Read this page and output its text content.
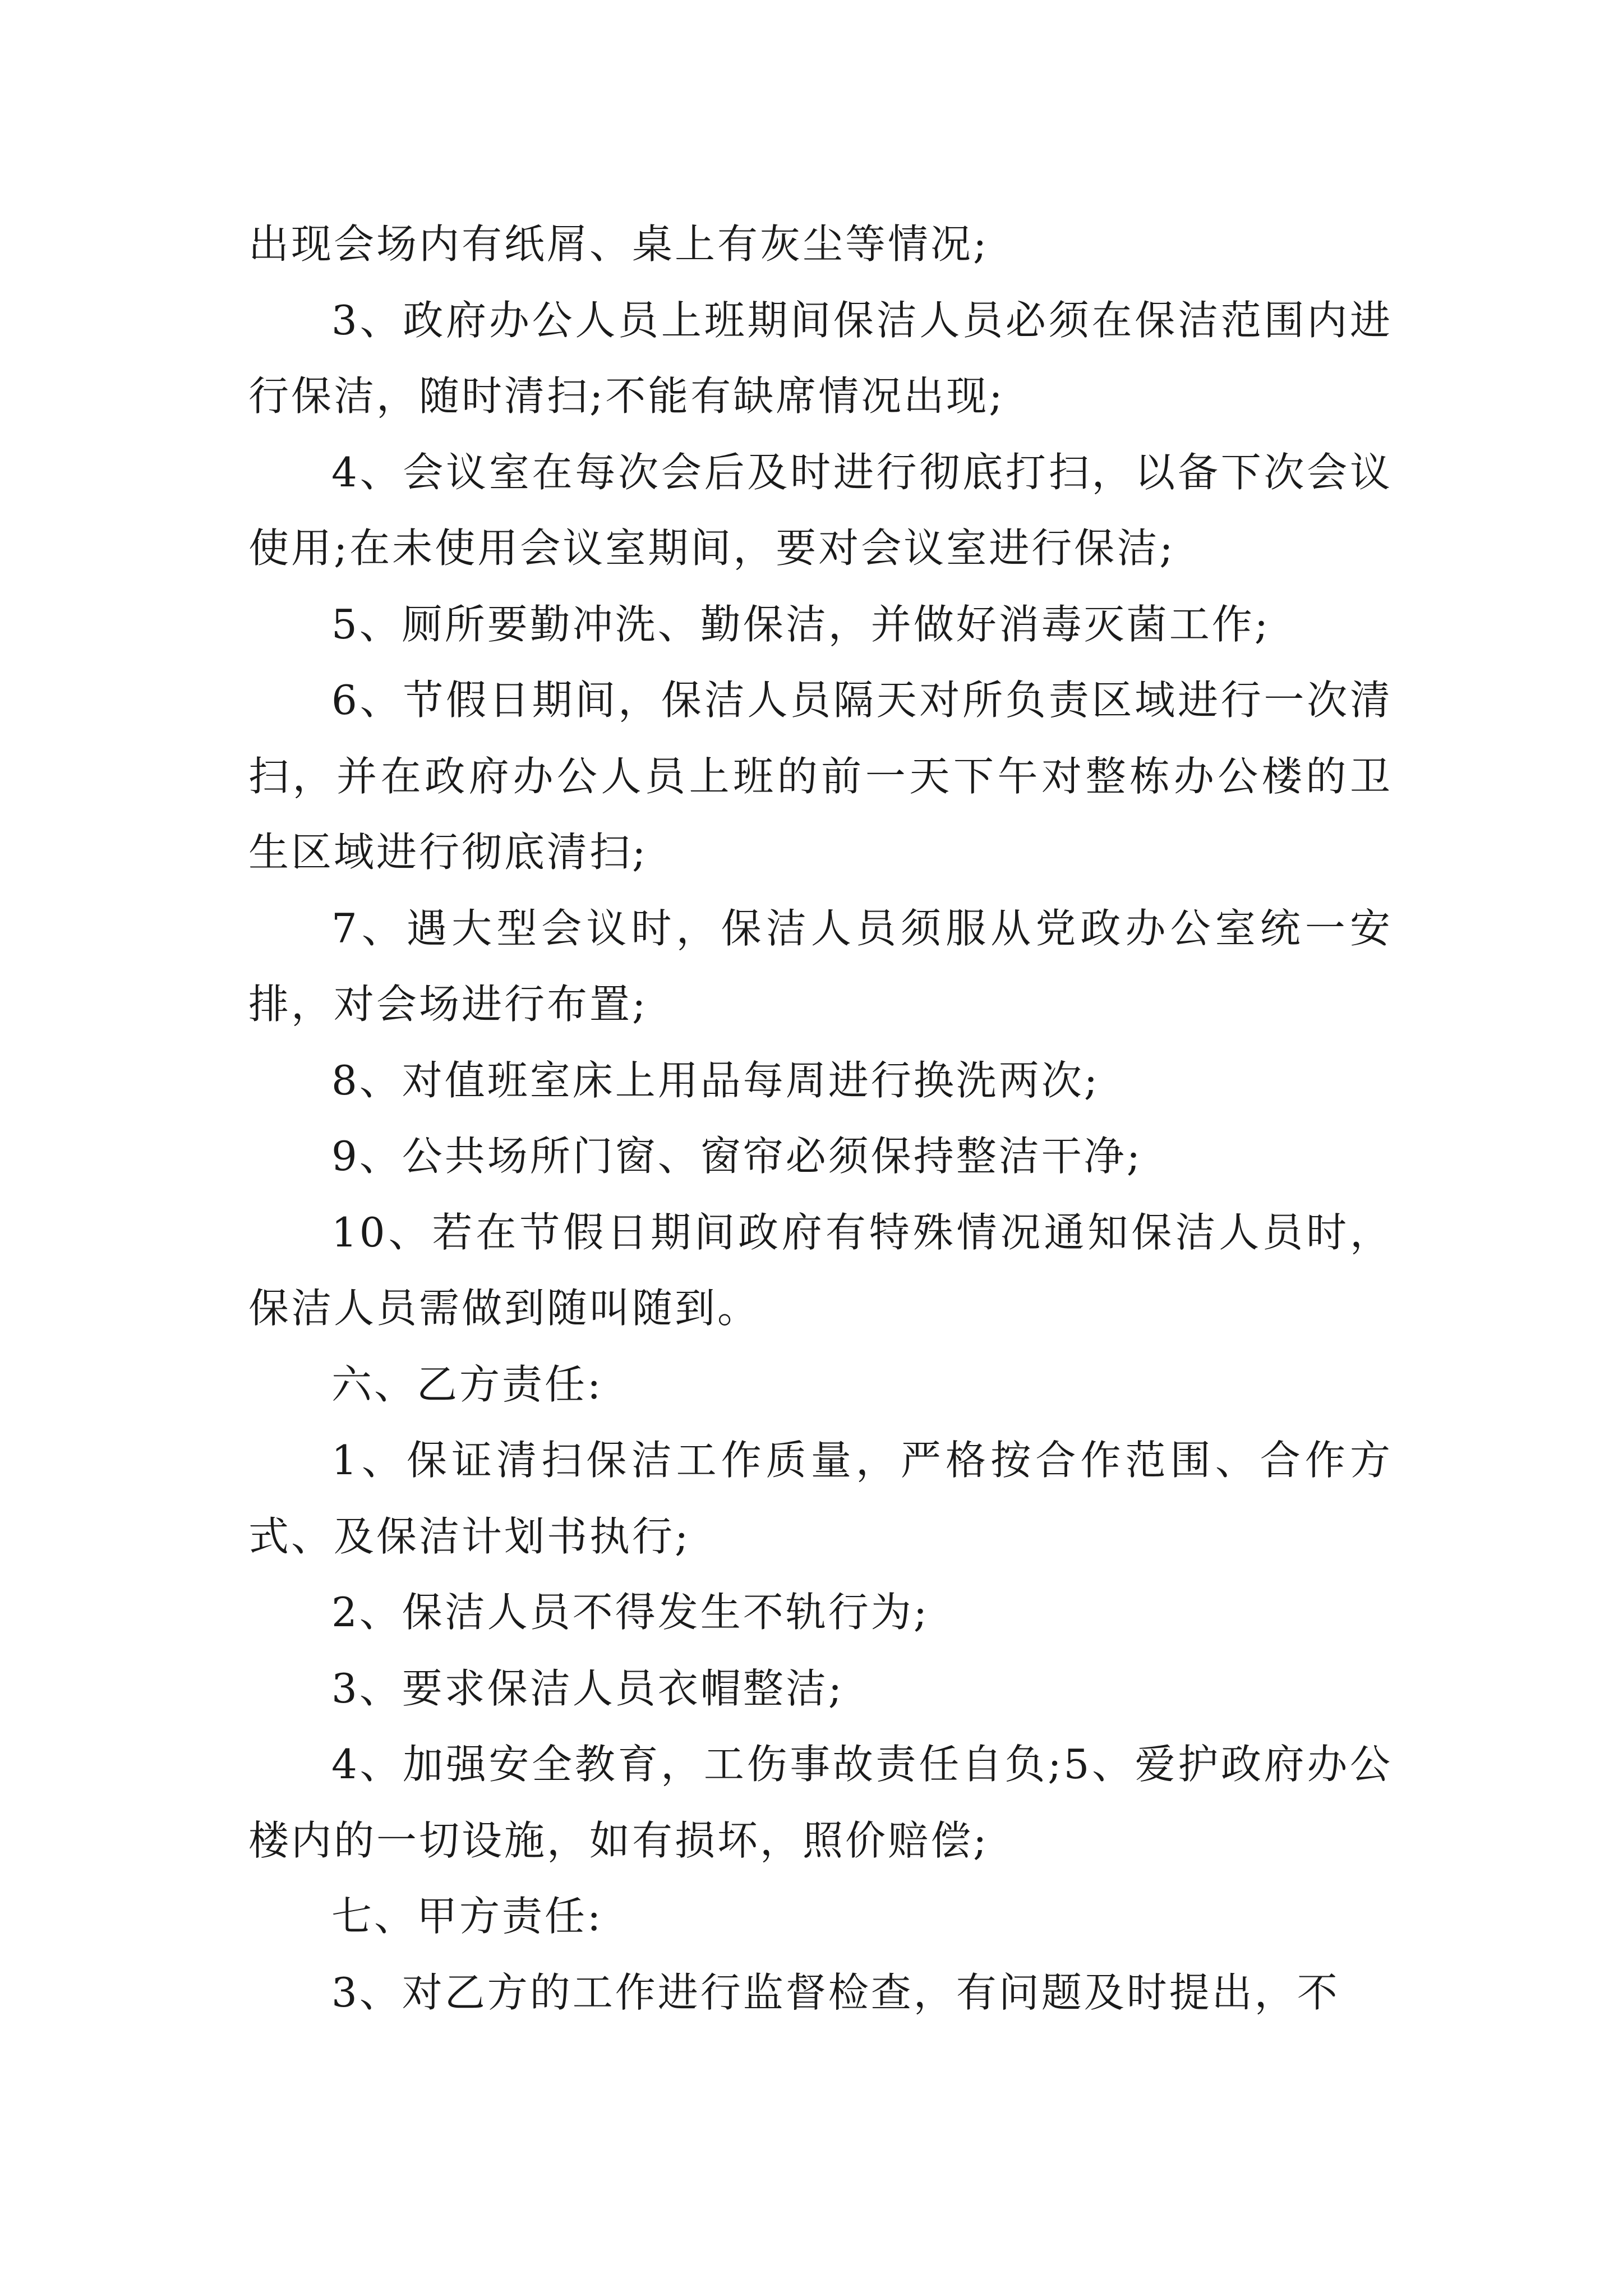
出现会场内有纸屑、桌上有灰尘等情况;

3、政府办公人员上班期间保洁人员必须在保洁范围内进行保洁，随时清扫;不能有缺席情况出现;

4、会议室在每次会后及时进行彻底打扫，以备下次会议使用;在未使用会议室期间，要对会议室进行保洁;

5、厕所要勤冲洗、勤保洁，并做好消毒灭菌工作;

6、节假日期间，保洁人员隔天对所负责区域进行一次清扫，并在政府办公人员上班的前一天下午对整栋办公楼的卫生区域进行彻底清扫;

7、遇大型会议时，保洁人员须服从党政办公室统一安排，对会场进行布置;

8、对值班室床上用品每周进行换洗两次;

9、公共场所门窗、窗帘必须保持整洁干净;

10、若在节假日期间政府有特殊情况通知保洁人员时，保洁人员需做到随叫随到。

六、乙方责任:

1、保证清扫保洁工作质量，严格按合作范围、合作方式、及保洁计划书执行;

2、保洁人员不得发生不轨行为;

3、要求保洁人员衣帽整洁;

4、加强安全教育，工伤事故责任自负;5、爱护政府办公楼内的一切设施，如有损坏，照价赔偿;

七、甲方责任:

3、对乙方的工作进行监督检查，有问题及时提出，不
